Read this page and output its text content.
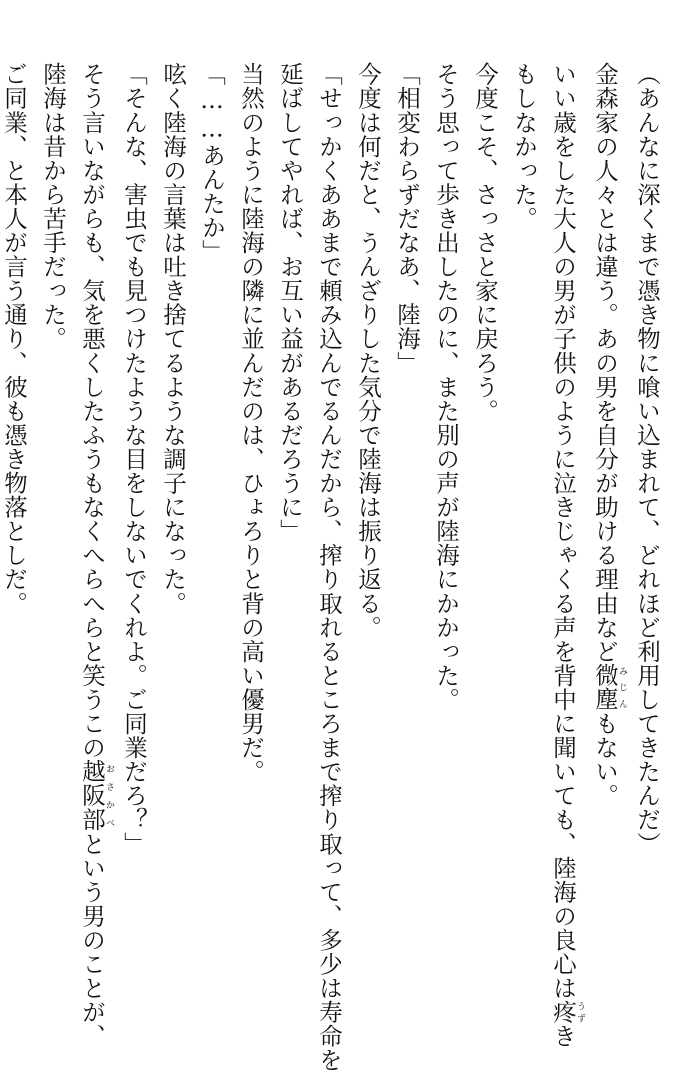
（あんなに深くまで憑き物に喰い込まれて、どれほど利用してきたんだ）
金森家の人々とは違う。あの男を自分が助ける理由など微塵みじんもない。
いい歳をした大人の男が子供のように泣きじゃくる声を背中に聞いても、陸海の良心は疼うずき
もしなかった。
今度こそ、さっさと家に戻ろう。
そう思って歩き出したのに、また別の声が陸海にかかった。
「相変わらずだなあ、陸海」
今度は何だと、うんざりした気分で陸海は振り返る。
「せっかくああまで頼み込んでるんだから、搾り取れるところまで搾り取って、多少は寿命を
延ばしてやれば、お互い益があるだろうに」
当然のように陸海の隣に並んだのは、ひょろりと背の高い優男だ。
「……あんたか」
呟く陸海の言葉は吐き捨てるような調子になった。
「そんな、害虫でも見つけたような目をしないでくれよ。ご同業だろ？」
そう言いながらも、気を悪くしたふうもなくへらへらと笑うこの越阪部おさかべという男のことが、
陸海は昔から苦手だった。
ご同業、と本人が言う通り、彼も憑き物落としだ。
